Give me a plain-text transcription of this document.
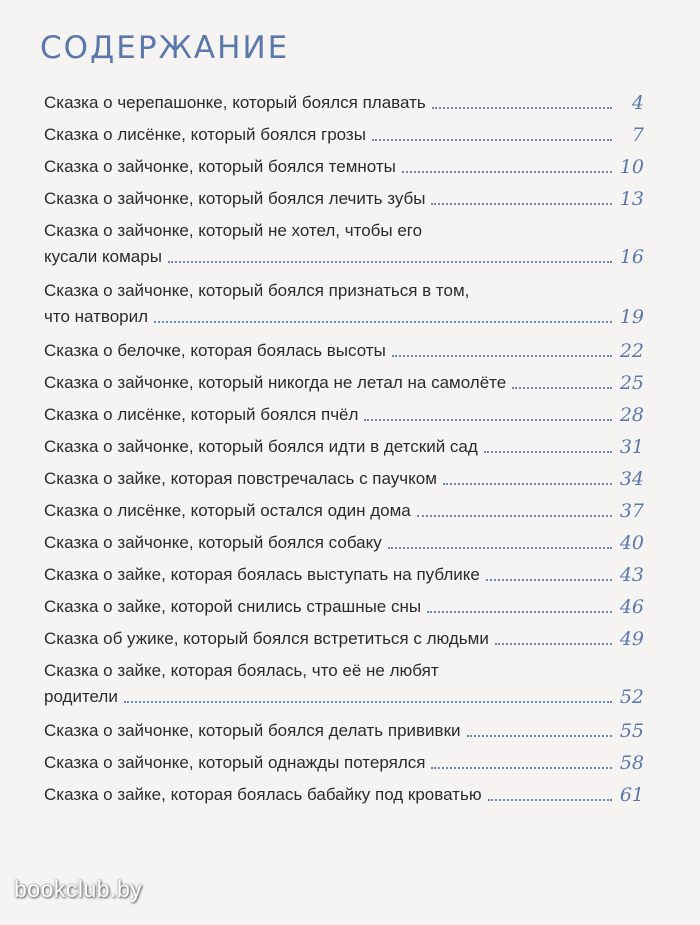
СОДЕРЖАНИЕ
Сказка о черепашонке, который боялся плавать	4
Сказка о лисёнке, который боялся грозы	7
Сказка о зайчонке, который боялся темноты	10
Сказка о зайчонке, который боялся лечить зубы	13
Сказка о зайчонке, который не хотел, чтобы его
кусали комары	16
Сказка о зайчонке, который боялся признаться в том,
что натворил	19
Сказка о белочке, которая боялась высоты	22
Сказка о зайчонке, который никогда не летал на самолёте	25
Сказка о лисёнке, который боялся пчёл	28
Сказка о зайчонке, который боялся идти в детский сад	31
Сказка о зайке, которая повстречалась с паучком	34
Сказка о лисёнке, который остался один дома	37
Сказка о зайчонке, который боялся собаку	40
Сказка о зайке, которая боялась выступать на публике	43
Сказка о зайке, которой снились страшные сны	46
Сказка об ужике, который боялся встретиться с людьми	49
Сказка о зайке, которая боялась, что её не любят
родители	52
Сказка о зайчонке, который боялся делать прививки	55
Сказка о зайчонке, который однажды потерялся	58
Сказка о зайке, которая боялась бабайку под кроватью	61
bookclub.by
